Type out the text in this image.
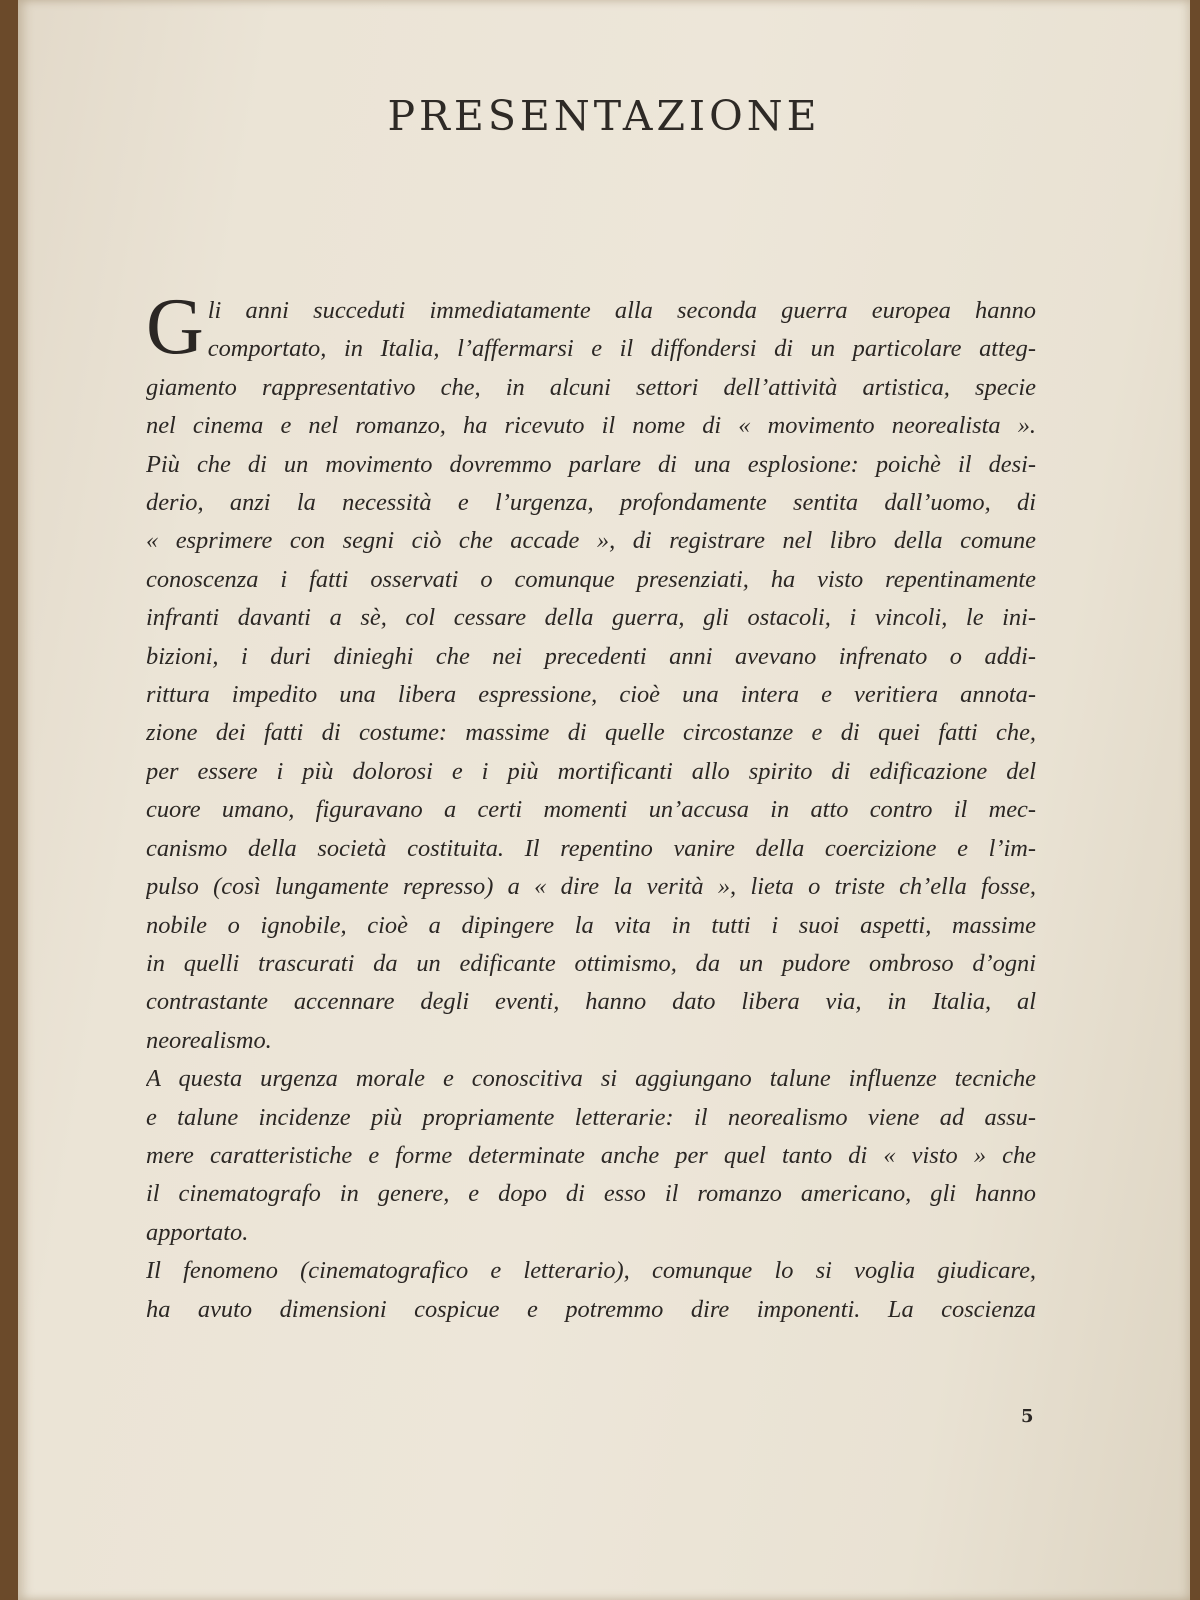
PRESENTAZIONE
G li anni succeduti immediatamente alla seconda guerra europea hanno
comportato, in Italia, l’affermarsi e il diffondersi di un particolare atteg-
giamento rappresentativo che, in alcuni settori dell’attività artistica, specie
nel cinema e nel romanzo, ha ricevuto il nome di « movimento neorealista ».
Più che di un movimento dovremmo parlare di una esplosione: poichè il desi-
derio, anzi la necessità e l’urgenza, profondamente sentita dall’uomo, di
« esprimere con segni ciò che accade », di registrare nel libro della comune
conoscenza i fatti osservati o comunque presenziati, ha visto repentinamente
infranti davanti a sè, col cessare della guerra, gli ostacoli, i vincoli, le ini-
bizioni, i duri dinieghi che nei precedenti anni avevano infrenato o addi-
rittura impedito una libera espressione, cioè una intera e veritiera annota-
zione dei fatti di costume: massime di quelle circostanze e di quei fatti che,
per essere i più dolorosi e i più mortificanti allo spirito di edificazione del
cuore umano, figuravano a certi momenti un’accusa in atto contro il mec-
canismo della società costituita. Il repentino vanire della coercizione e l’im-
pulso (così lungamente represso) a « dire la verità », lieta o triste ch’ella fosse,
nobile o ignobile, cioè a dipingere la vita in tutti i suoi aspetti, massime
in quelli trascurati da un edificante ottimismo, da un pudore ombroso d’ogni
contrastante accennare degli eventi, hanno dato libera via, in Italia, al
neorealismo.
A questa urgenza morale e conoscitiva si aggiungano talune influenze tecniche
e talune incidenze più propriamente letterarie: il neorealismo viene ad assu-
mere caratteristiche e forme determinate anche per quel tanto di « visto » che
il cinematografo in genere, e dopo di esso il romanzo americano, gli hanno
apportato.
Il fenomeno (cinematografico e letterario), comunque lo si voglia giudicare,
ha avuto dimensioni cospicue e potremmo dire imponenti. La coscienza
5
